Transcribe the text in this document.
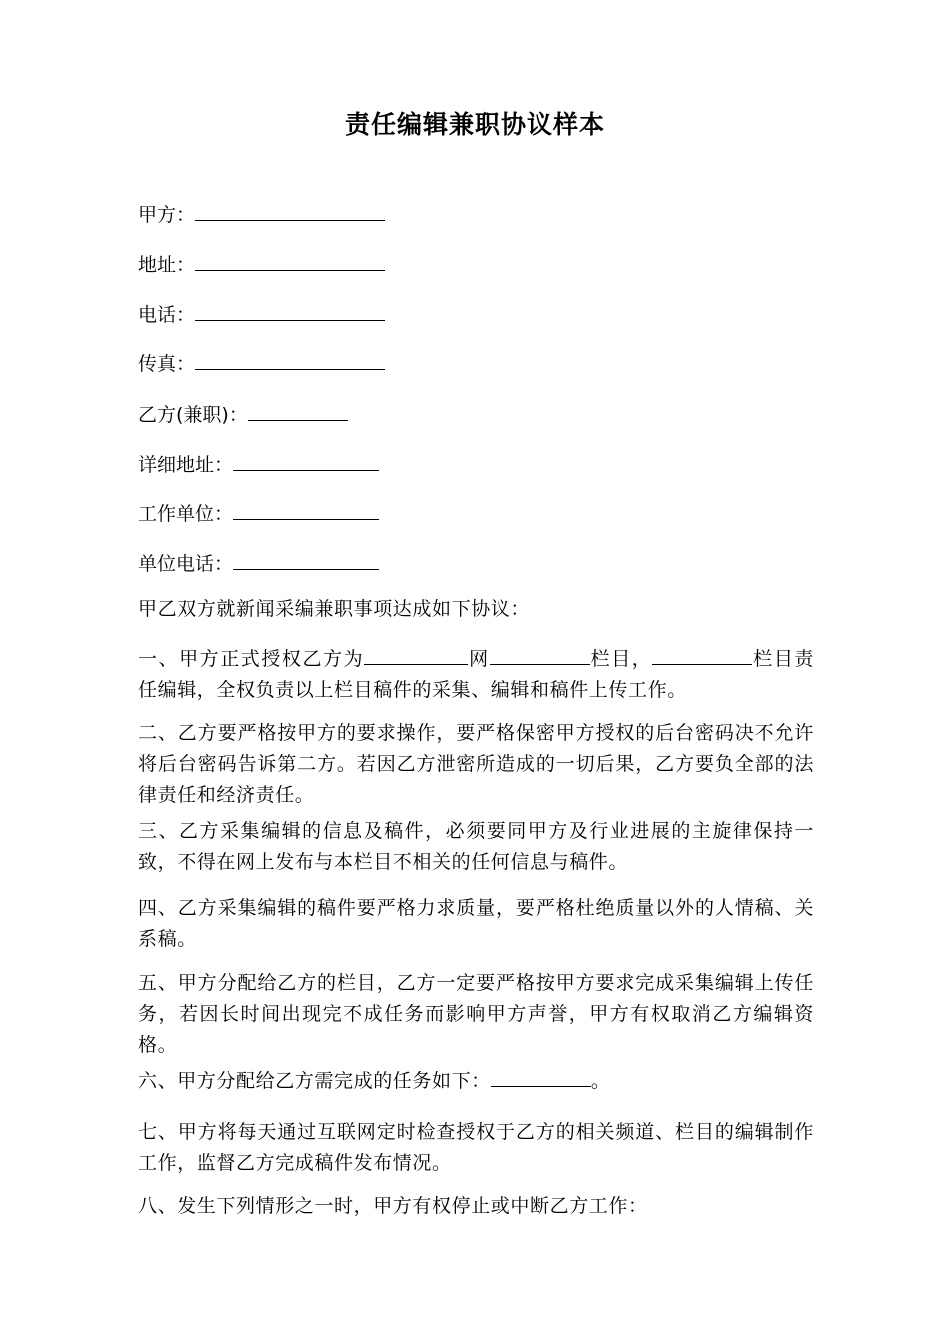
责任编辑兼职协议样本
甲方：
地址：
电话：
传真：
乙方(兼职)：
详细地址：
工作单位：
单位电话：
甲乙双方就新闻采编兼职事项达成如下协议：
一、甲方正式授权乙方为	网	栏目，	栏目责任编辑，全权负责以上栏目稿件的采集、编辑和稿件上传工作。
二、乙方要严格按甲方的要求操作，要严格保密甲方授权的后台密码决不允许将后台密码告诉第二方。若因乙方泄密所造成的一切后果，乙方要负全部的法律责任和经济责任。
三、乙方采集编辑的信息及稿件，必须要同甲方及行业进展的主旋律保持一致，不得在网上发布与本栏目不相关的任何信息与稿件。
四、乙方采集编辑的稿件要严格力求质量，要严格杜绝质量以外的人情稿、关系稿。
五、甲方分配给乙方的栏目，乙方一定要严格按甲方要求完成采集编辑上传任务，若因长时间出现完不成任务而影响甲方声誉，甲方有权取消乙方编辑资格。
六、甲方分配给乙方需完成的任务如下：	。
七、甲方将每天通过互联网定时检查授权于乙方的相关频道、栏目的编辑制作工作，监督乙方完成稿件发布情况。
八、发生下列情形之一时，甲方有权停止或中断乙方工作：
